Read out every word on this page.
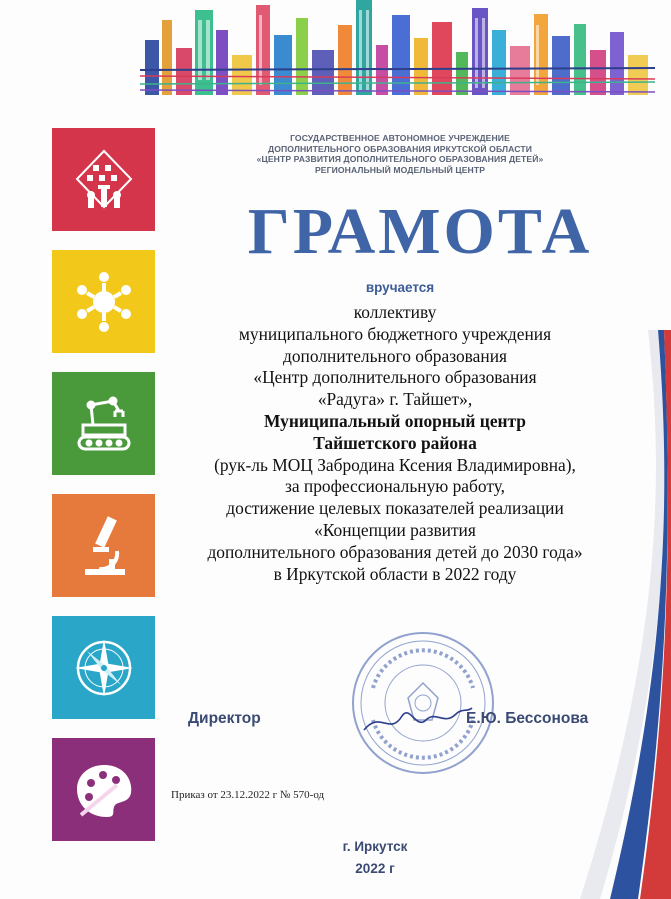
ГОСУДАРСТВЕННОЕ АВТОНОМНОЕ УЧРЕЖДЕНИЕ
ДОПОЛНИТЕЛЬНОГО ОБРАЗОВАНИЯ ИРКУТСКОЙ ОБЛАСТИ
«ЦЕНТР РАЗВИТИЯ ДОПОЛНИТЕЛЬНОГО ОБРАЗОВАНИЯ ДЕТЕЙ»
РЕГИОНАЛЬНЫЙ МОДЕЛЬНЫЙ ЦЕНТР
ГРАМОТА
вручается
коллективу
муниципального бюджетного учреждения
дополнительного образования
«Центр дополнительного образования
«Радуга» г. Тайшет»,
Муниципальный опорный центр
Тайшетского района
(рук-ль МОЦ Забродина Ксения Владимировна),
за профессиональную работу,
достижение целевых показателей реализации
«Концепции развития
дополнительного образования детей до 2030 года»
в Иркутской области в 2022 году
Директор	Е.Ю. Бессонова
Приказ от 23.12.2022 г № 570-од
г. Иркутск
2022 г
